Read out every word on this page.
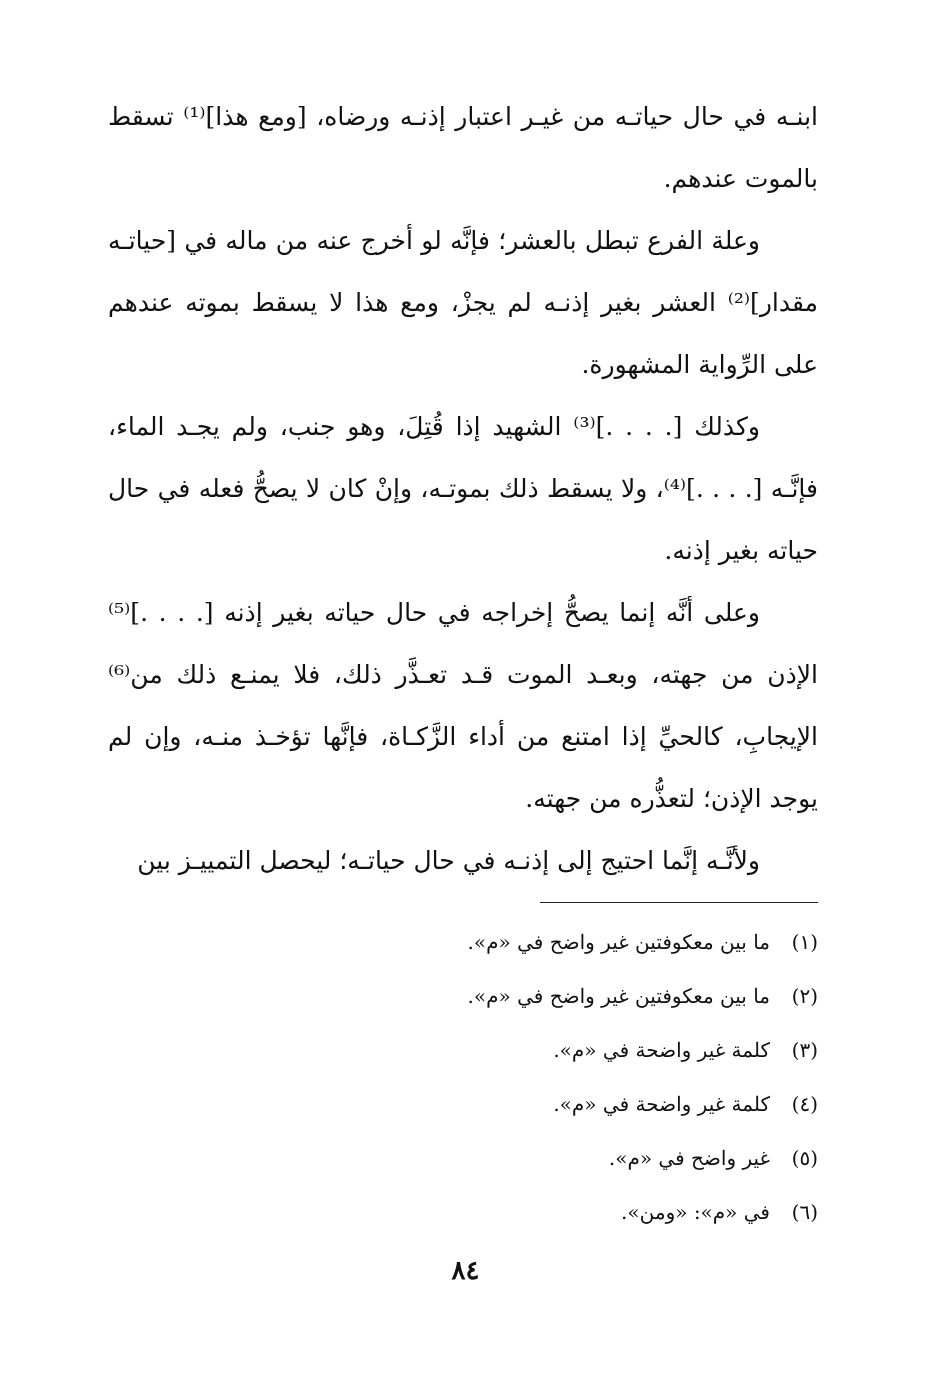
ابنـه في حال حياتـه من غيـر اعتبار إذنـه ورضاه، [ومع هذا]⁽¹⁾ تسقط بالموت عندهم.

وعلة الفرع تبطل بالعشر؛ فإنَّه لو أخرج عنه من ماله في [حياتـه مقدار]⁽²⁾ العشر بغير إذنـه لم يجزْ، ومع هذا لا يسقط بموته عندهم على الرِّواية المشهورة.

وكذلك [. . . .]⁽³⁾ الشهيد إذا قُتِلَ، وهو جنب، ولم يجـد الماء، فإنَّـه [. . . .]⁽⁴⁾، ولا يسقط ذلك بموتـه، وإنْ كان لا يصحُّ فعله في حال حياته بغير إذنه.

وعلى أنَّه إنما يصحُّ إخراجه في حال حياته بغير إذنه [. . . .]⁽⁵⁾ الإذن من جهته، وبعـد الموت قـد تعـذَّر ذلك، فلا يمنـع ذلك من⁽⁶⁾ الإيجابِ، كالحيِّ إذا امتنع من أداء الزَّكـاة، فإنَّها تؤخـذ منـه، وإن لم يوجد الإذن؛ لتعذُّره من جهته.

ولأنَّـه إنَّما احتيج إلى إذنـه في حال حياتـه؛ ليحصل التمييـز بين

(١)ما بين معكوفتين غير واضح في «م».
(٢)ما بين معكوفتين غير واضح في «م».
(٣)كلمة غير واضحة في «م».
(٤)كلمة غير واضحة في «م».
(٥)غير واضح في «م».
(٦)في «م»: «ومن».
٨٤
